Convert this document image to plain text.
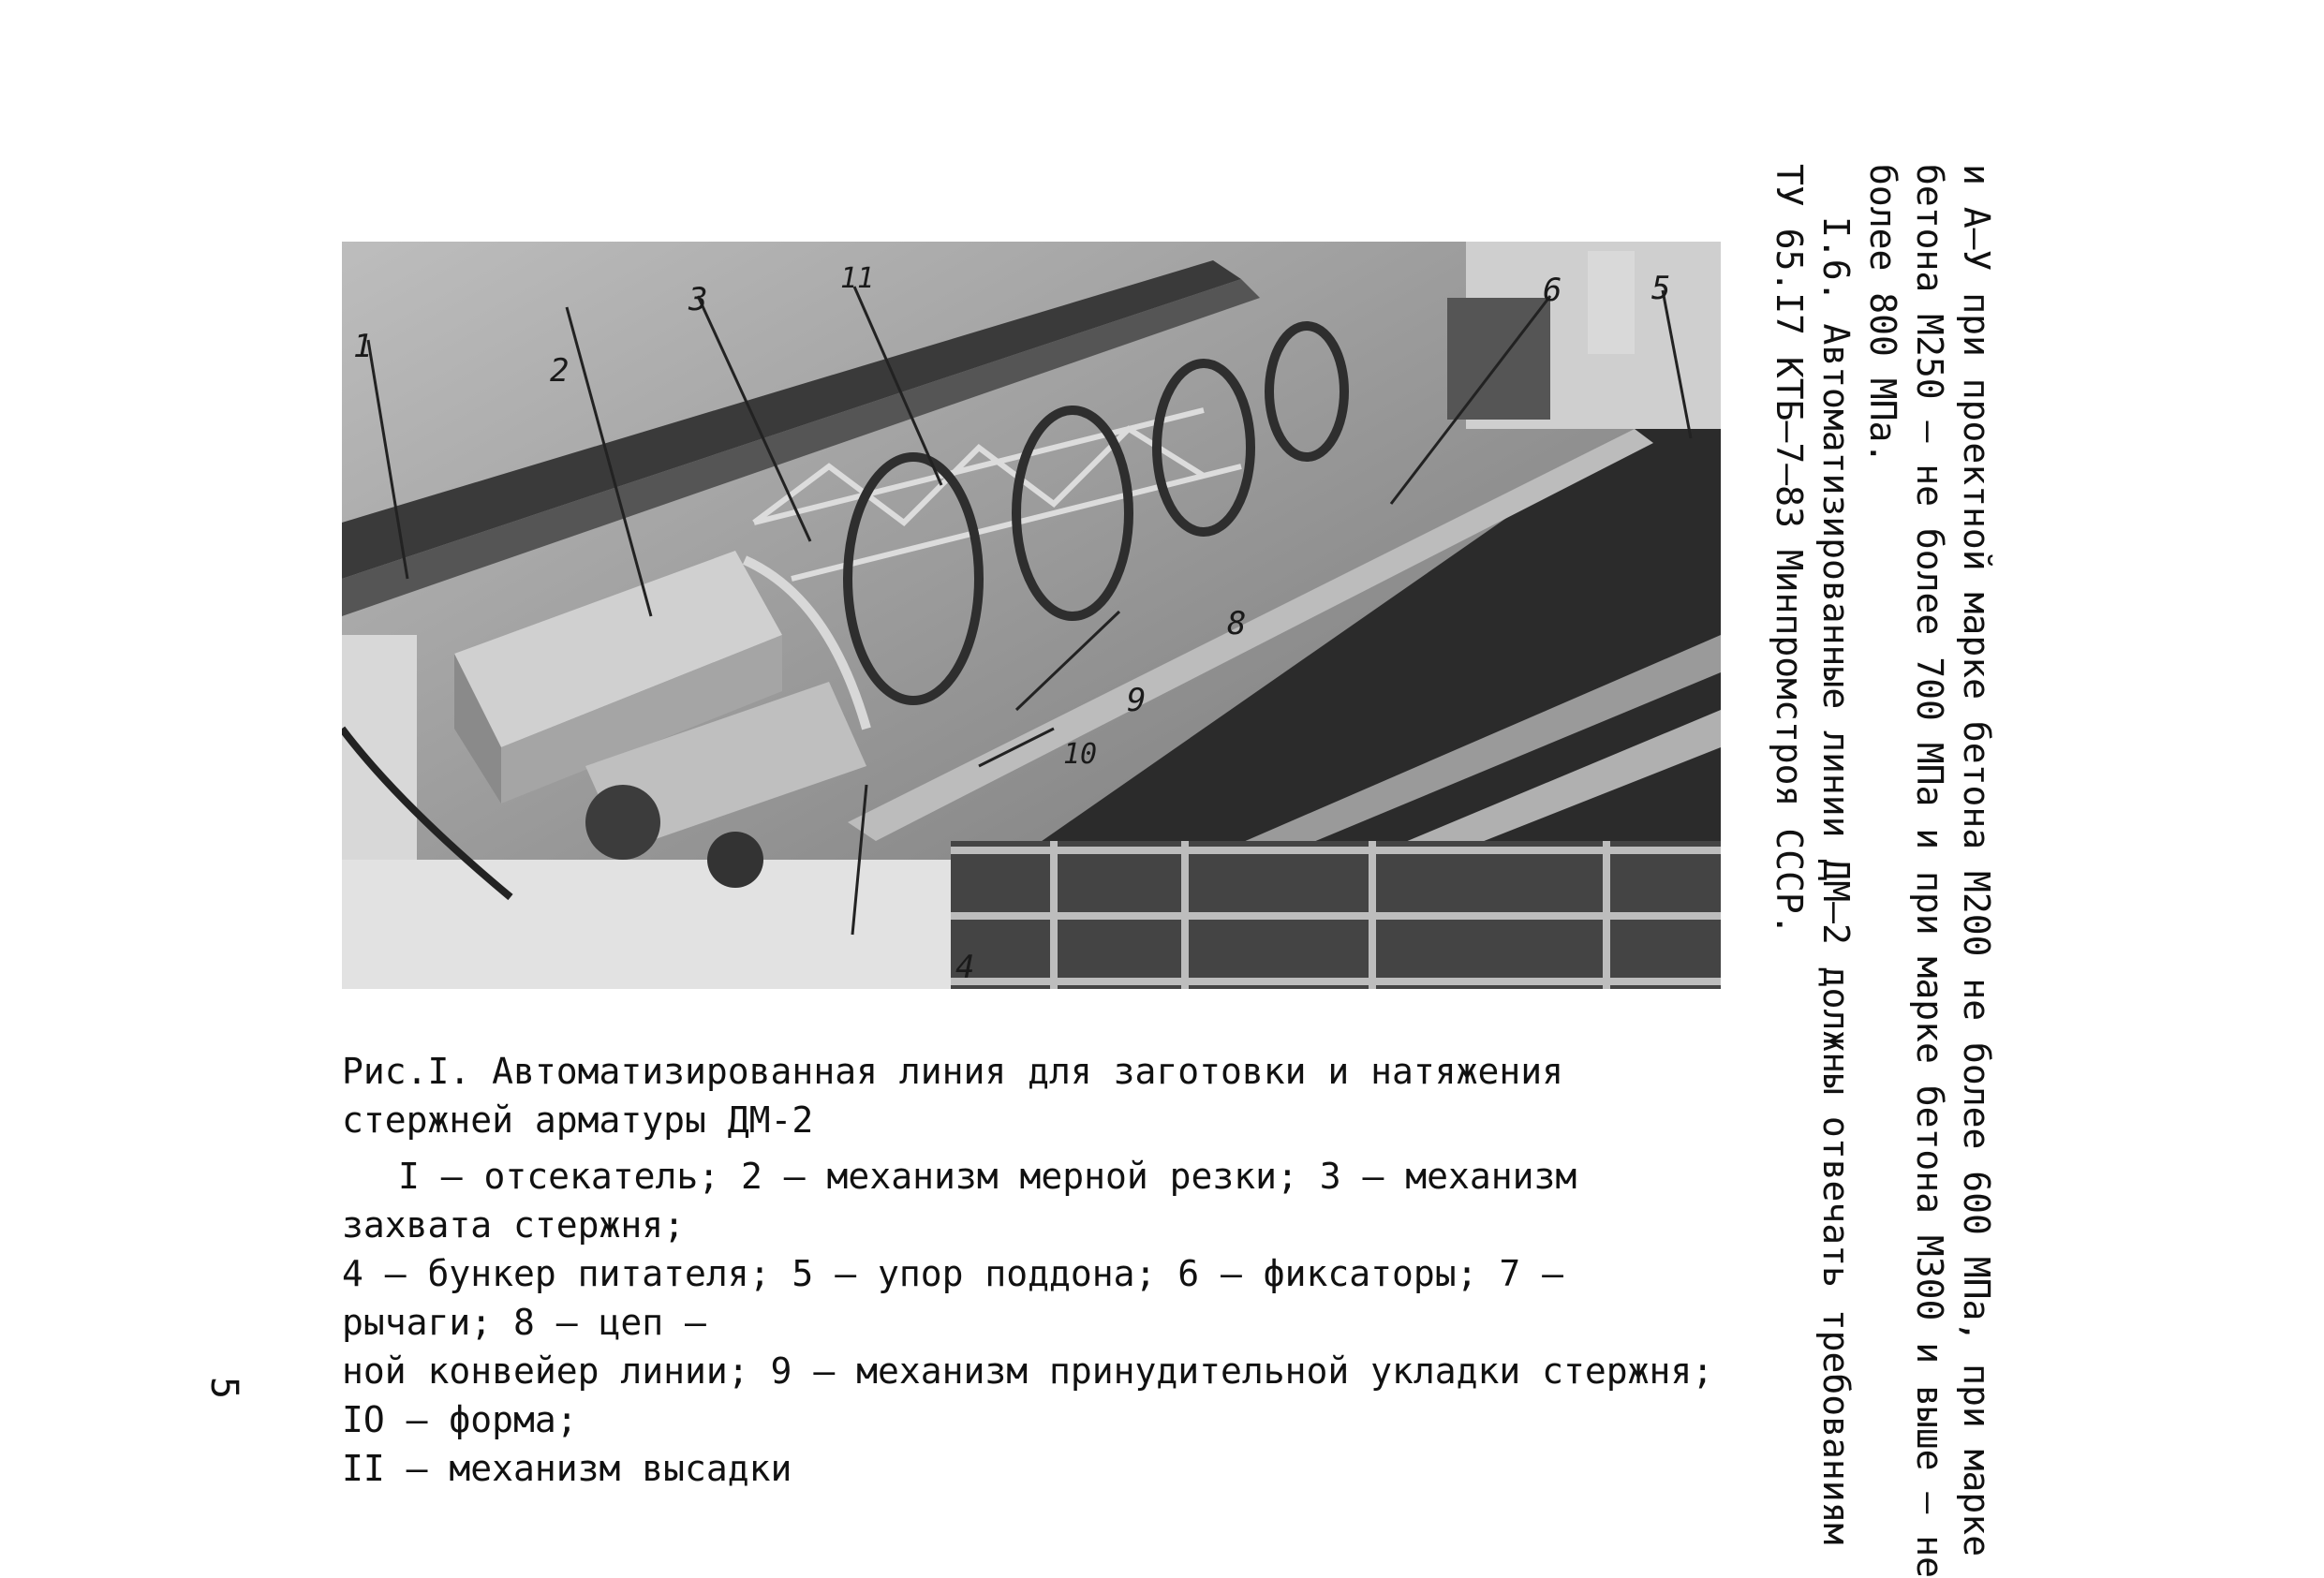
1
2
3
4
5
6
8
9
10
11

Рис.I. Автоматизированная линия для заготовки и натяжения стержней арматуры ДМ-2

I – отсекатель; 2 – механизм мерной резки; 3 – механизм захвата стержня;
4 – бункер питателя; 5 – упор поддона; 6 – фиксаторы; 7 – рычаги; 8 – цеп –
ной конвейер линии; 9 – механизм принудительной укладки стержня; IO – форма;
II – механизм высадки	и А–У при проектной марке бетона М200 не более 600 МПа, при марке

бетона М250 – не более 700 МПа и при марке бетона М300 и выше – не

более 800 МПа.

I.6. Автоматизированные линии ДМ–2 должны отвечать требованиям

ТУ 65.I7 КТБ–7–83 Минпромстроя СССР.

5
